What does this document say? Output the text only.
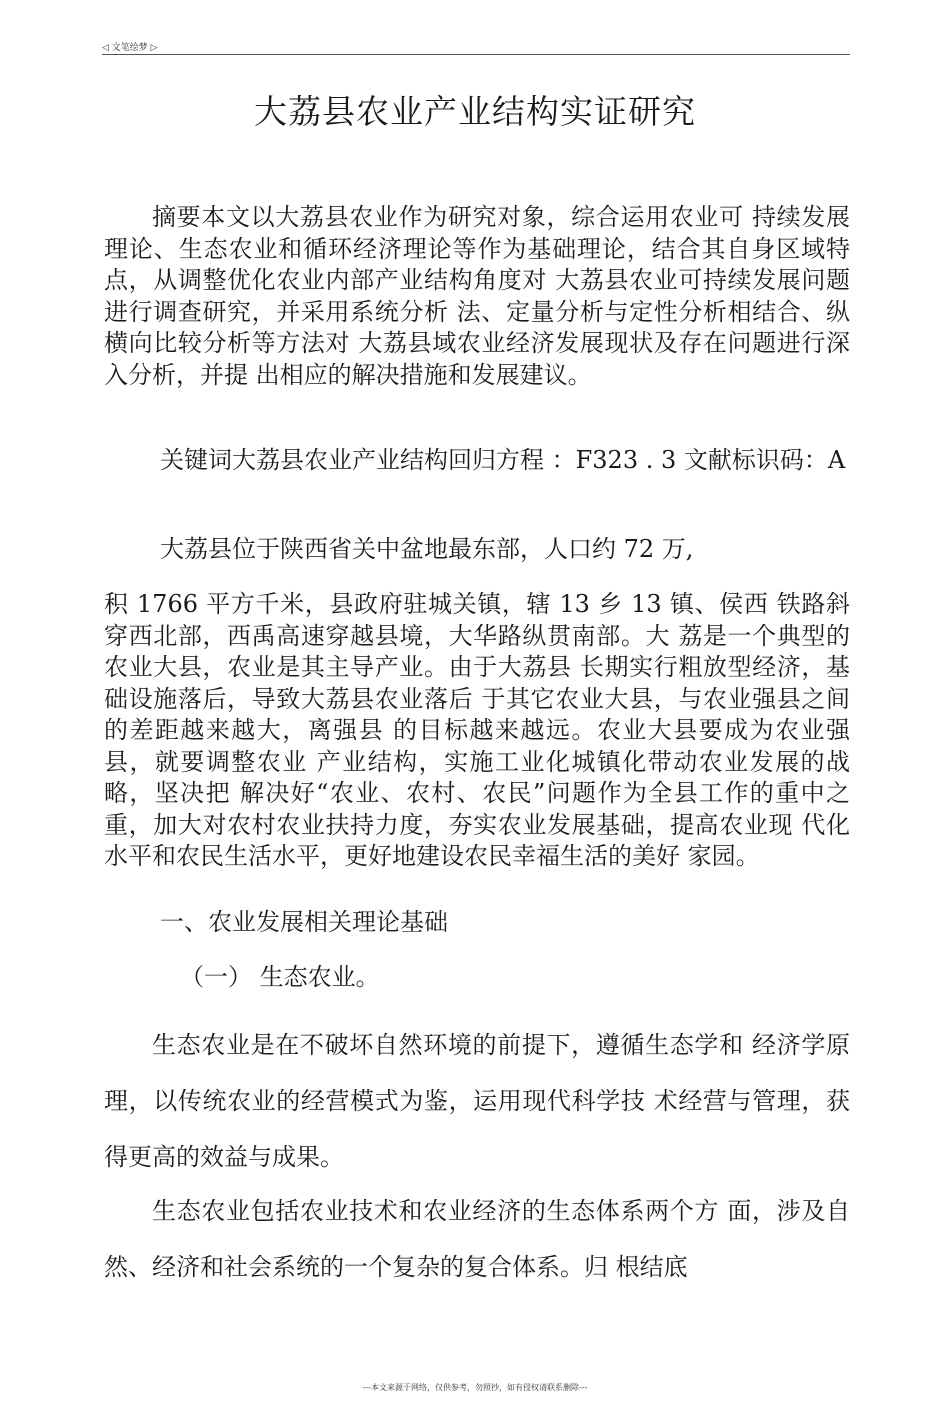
◁ 文笔绘梦 ▷
大荔县农业产业结构实证研究
摘要本文以大荔县农业作为研究对象，综合运用农业可 持续发展理论、生态农业和循环经济理论等作为基础理论，结合其自身区域特点，从调整优化农业内部产业结构角度对 大荔县农业可持续发展问题进行调查研究，并采用系统分析 法、定量分析与定性分析相结合、纵横向比较分析等方法对 大荔县域农业经济发展现状及存在问题进行深入分析，并提 出相应的解决措施和发展建议。
关键词大荔县农业产业结构回归方程 ：F323 . 3 文献标识码：A
大荔县位于陕西省关中盆地最东部，人口约 72 万,
积 1766 平方千米，县政府驻城关镇，辖 13 乡 13 镇、侯西 铁路斜穿西北部，西禹高速穿越县境，大华路纵贯南部。大 荔是一个典型的农业大县，农业是其主导产业。由于大荔县 长期实行粗放型经济，基础设施落后，导致大荔县农业落后 于其它农业大县，与农业强县之间的差距越来越大，离强县 的目标越来越远。农业大县要成为农业强县，就要调整农业 产业结构，实施工业化城镇化带动农业发展的战略，坚决把 解决好“农业、农村、农民”问题作为全县工作的重中之重，加大对农村农业扶持力度，夯实农业发展基础，提高农业现 代化水平和农民生活水平，更好地建设农民幸福生活的美好 家园。
一、农业发展相关理论基础
（一） 生态农业。
生态农业是在不破坏自然环境的前提下，遵循生态学和 经济学原理，以传统农业的经营模式为鉴，运用现代科学技 术经营与管理，获得更高的效益与成果。
生态农业包括农业技术和农业经济的生态体系两个方 面，涉及自然、经济和社会系统的一个复杂的复合体系。归 根结底
---本文来源于网络，仅供参考，勿照抄，如有侵权请联系删除---
